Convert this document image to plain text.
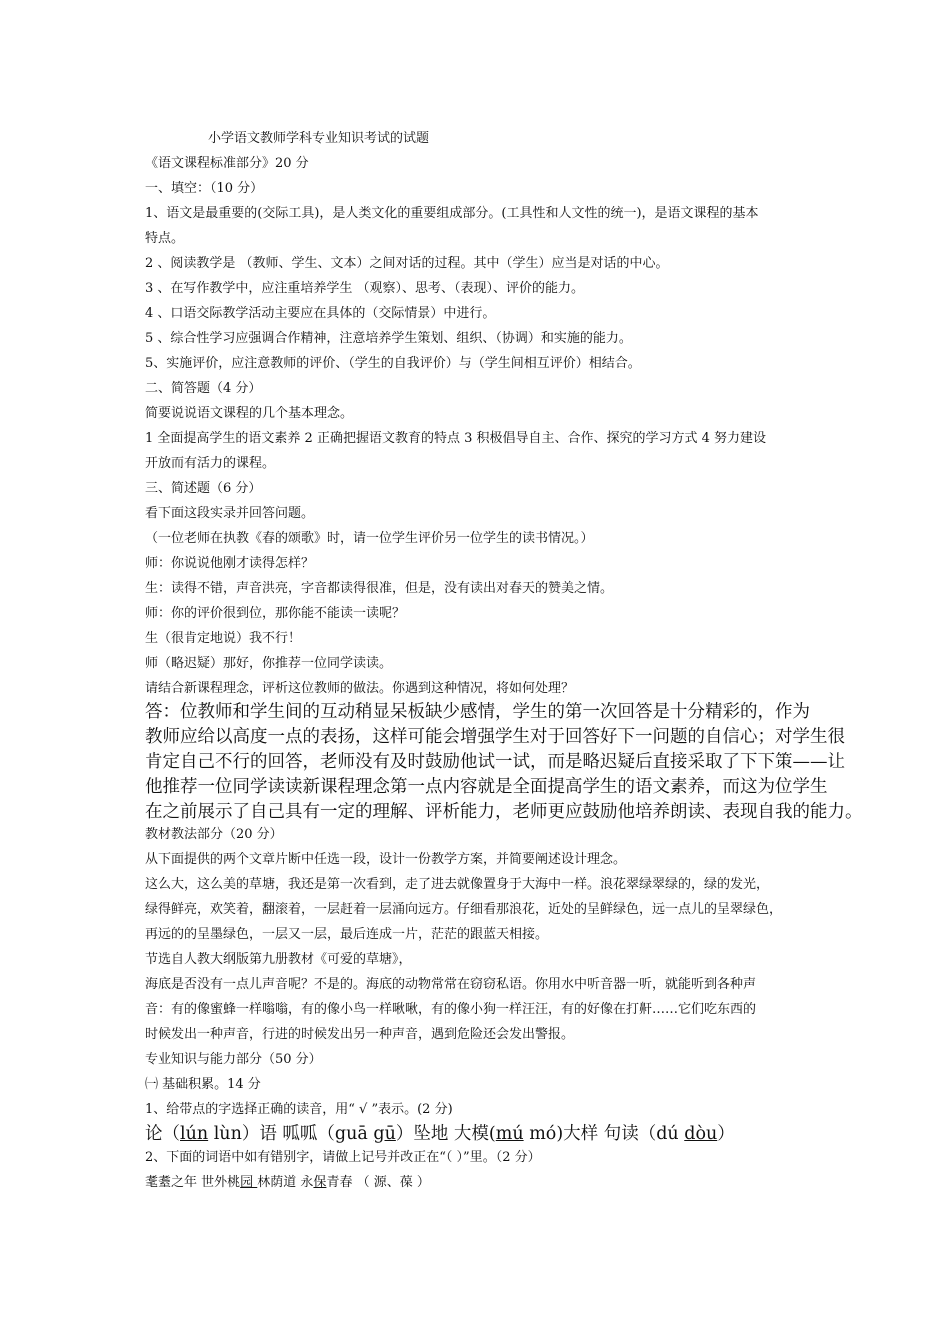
小学语文教师学科专业知识考试的试题
《语文课程标准部分》20 分
一、填空：（10 分）
1、语文是最重要的(交际工具)，是人类文化的重要组成部分。(工具性和人文性的统一)，是语文课程的基本
特点。
2 、阅读教学是 （教师、学生、文本）之间对话的过程。其中（学生）应当是对话的中心。
3 、在写作教学中，应注重培养学生 （观察）、思考、（表现）、评价的能力。
4 、口语交际教学活动主要应在具体的（交际情景）中进行。
5 、综合性学习应强调合作精神，注意培养学生策划、组织、（协调）和实施的能力。
5、实施评价，应注意教师的评价、（学生的自我评价）与（学生间相互评价）相结合。
二、简答题（4 分）
简要说说语文课程的几个基本理念。
1 全面提高学生的语文素养 2 正确把握语文教育的特点 3 积极倡导自主、合作、探究的学习方式 4 努力建设
开放而有活力的课程。
三、简述题（6 分）
看下面这段实录并回答问题。
（一位老师在执教《春的颂歌》时，请一位学生评价另一位学生的读书情况。）
师：你说说他刚才读得怎样？
生：读得不错，声音洪亮，字音都读得很准，但是，没有读出对春天的赞美之情。
师：你的评价很到位，那你能不能读一读呢？
生（很肯定地说）我不行！
师（略迟疑）那好，你推荐一位同学读读。
请结合新课程理念，评析这位教师的做法。你遇到这种情况，将如何处理？
答：位教师和学生间的互动稍显呆板缺少感情，学生的第一次回答是十分精彩的，作为
教师应给以高度一点的表扬，这样可能会增强学生对于回答好下一问题的自信心；对学生很
肯定自己不行的回答，老师没有及时鼓励他试一试，而是略迟疑后直接采取了下下策——让
他推荐一位同学读读新课程理念第一点内容就是全面提高学生的语文素养，而这为位学生
在之前展示了自己具有一定的理解、评析能力，老师更应鼓励他培养朗读、表现自我的能力。
教材教法部分（20 分）
从下面提供的两个文章片断中任选一段，设计一份教学方案，并简要阐述设计理念。
这么大，这么美的草塘，我还是第一次看到，走了进去就像置身于大海中一样。浪花翠绿翠绿的，绿的发光，
绿得鲜亮，欢笑着，翻滚着，一层赶着一层涌向远方。仔细看那浪花，近处的呈鲜绿色，远一点儿的呈翠绿色，
再远的的呈墨绿色，一层又一层，最后连成一片，茫茫的跟蓝天相接。
节选自人教大纲版第九册教材《可爱的草塘》，
海底是否没有一点儿声音呢？不是的。海底的动物常常在窃窃私语。你用水中听音器一听，就能听到各种声
音：有的像蜜蜂一样嗡嗡，有的像小鸟一样啾啾，有的像小狗一样汪汪，有的好像在打鼾……它们吃东西的
时候发出一种声音，行进的时候发出另一种声音，遇到危险还会发出警报。
专业知识与能力部分（50 分）
㈠ 基础积累。14 分
1、给带点的字选择正确的读音，用“ √ ”表示。(2 分)
论（lún lùn）语 呱呱（guā gū）坠地 大模(mú mó)大样 句读（dú dòu）
2、下面的词语中如有错别字，请做上记号并改正在“（ ）”里。（2 分）
耄耋之年 世外桃园 林荫道 永保青春 （ 源、葆 ）
